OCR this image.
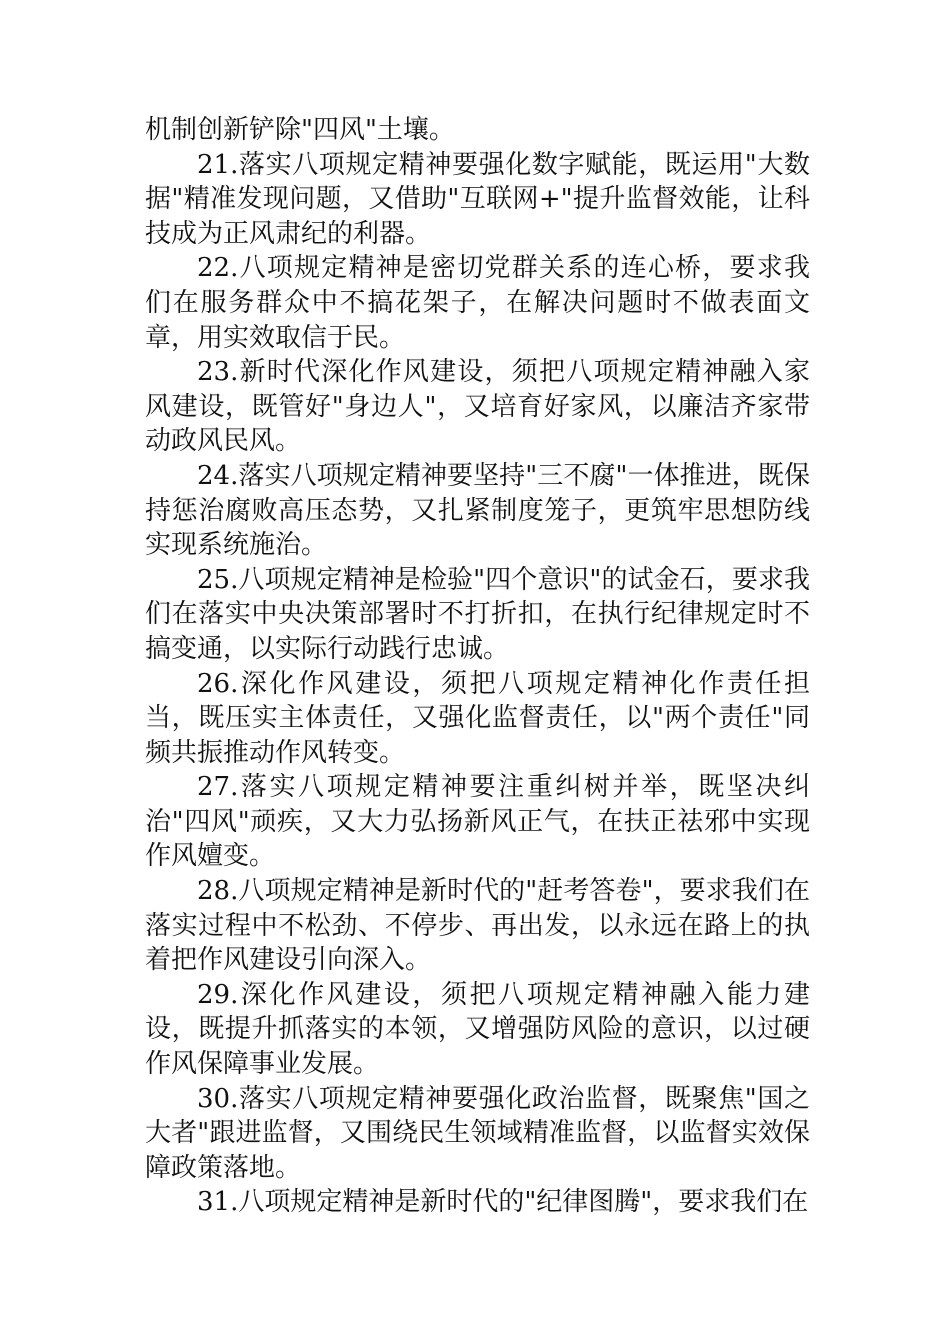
机制创新铲除"四风"土壤。

21.落实八项规定精神要强化数字赋能，既运用"大数据"精准发现问题，又借助"互联网+"提升监督效能，让科技成为正风肃纪的利器。

22.八项规定精神是密切党群关系的连心桥，要求我们在服务群众中不搞花架子，在解决问题时不做表面文章，用实效取信于民。

23.新时代深化作风建设，须把八项规定精神融入家风建设，既管好"身边人"，又培育好家风，以廉洁齐家带动政风民风。

24.落实八项规定精神要坚持"三不腐"一体推进，既保持惩治腐败高压态势，又扎紧制度笼子，更筑牢思想防线实现系统施治。

25.八项规定精神是检验"四个意识"的试金石，要求我们在落实中央决策部署时不打折扣，在执行纪律规定时不搞变通，以实际行动践行忠诚。

26.深化作风建设，须把八项规定精神化作责任担当，既压实主体责任，又强化监督责任，以"两个责任"同频共振推动作风转变。

27.落实八项规定精神要注重纠树并举，既坚决纠治"四风"顽疾，又大力弘扬新风正气，在扶正祛邪中实现作风嬗变。

28.八项规定精神是新时代的"赶考答卷"，要求我们在落实过程中不松劲、不停步、再出发，以永远在路上的执着把作风建设引向深入。

29.深化作风建设，须把八项规定精神融入能力建设，既提升抓落实的本领，又增强防风险的意识，以过硬作风保障事业发展。

30.落实八项规定精神要强化政治监督，既聚焦"国之大者"跟进监督，又围绕民生领域精准监督，以监督实效保障政策落地。

31.八项规定精神是新时代的"纪律图腾"，要求我们在
